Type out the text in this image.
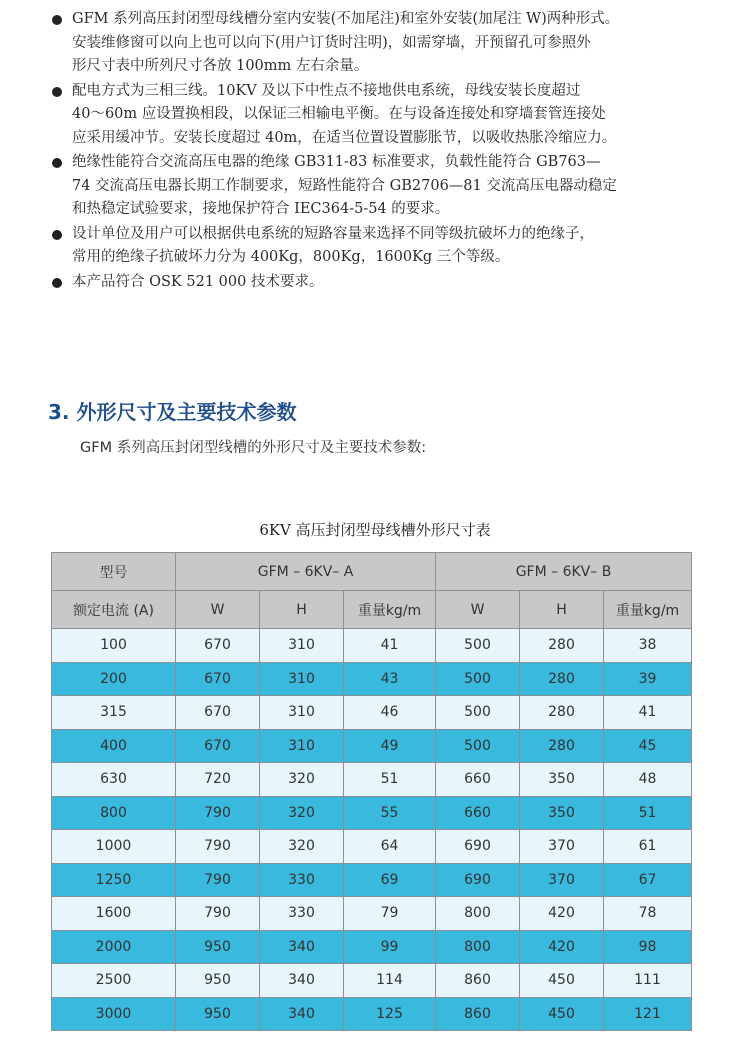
GFM 系列高压封闭型母线槽分室内安装(不加尾注)和室外安装(加尾注 W)两种形式。
安装维修窗可以向上也可以向下(用户订货时注明)，如需穿墙，开预留孔可参照外
形尺寸表中所列尺寸各放 100mm 左右余量。
配电方式为三相三线。10KV 及以下中性点不接地供电系统，母线安装长度超过
40～60m 应设置换相段，以保证三相输电平衡。在与设备连接处和穿墙套管连接处
应采用缓冲节。安装长度超过 40m，在适当位置设置膨胀节，以吸收热胀冷缩应力。
绝缘性能符合交流高压电器的绝缘 GB311-83 标准要求，负载性能符合 GB763—
74 交流高压电器长期工作制要求，短路性能符合 GB2706—81 交流高压电器动稳定
和热稳定试验要求，接地保护符合 IEC364-5-54 的要求。
设计单位及用户可以根据供电系统的短路容量来选择不同等级抗破坏力的绝缘子，
常用的绝缘子抗破坏力分为 400Kg，800Kg，1600Kg 三个等级。
本产品符合 OSK 521 000 技术要求。
3. 外形尺寸及主要技术参数
GFM 系列高压封闭型线槽的外形尺寸及主要技术参数:
6KV 高压封闭型母线槽外形尺寸表
型号	GFM – 6KV– A			GFM – 6KV– B		
额定电流 (A)	W	H	重量kg/m	W	H	重量kg/m
100	670	310	41	500	280	38
200	670	310	43	500	280	39
315	670	310	46	500	280	41
400	670	310	49	500	280	45
630	720	320	51	660	350	48
800	790	320	55	660	350	51
1000	790	320	64	690	370	61
1250	790	330	69	690	370	67
1600	790	330	79	800	420	78
2000	950	340	99	800	420	98
2500	950	340	114	860	450	111
3000	950	340	125	860	450	121
